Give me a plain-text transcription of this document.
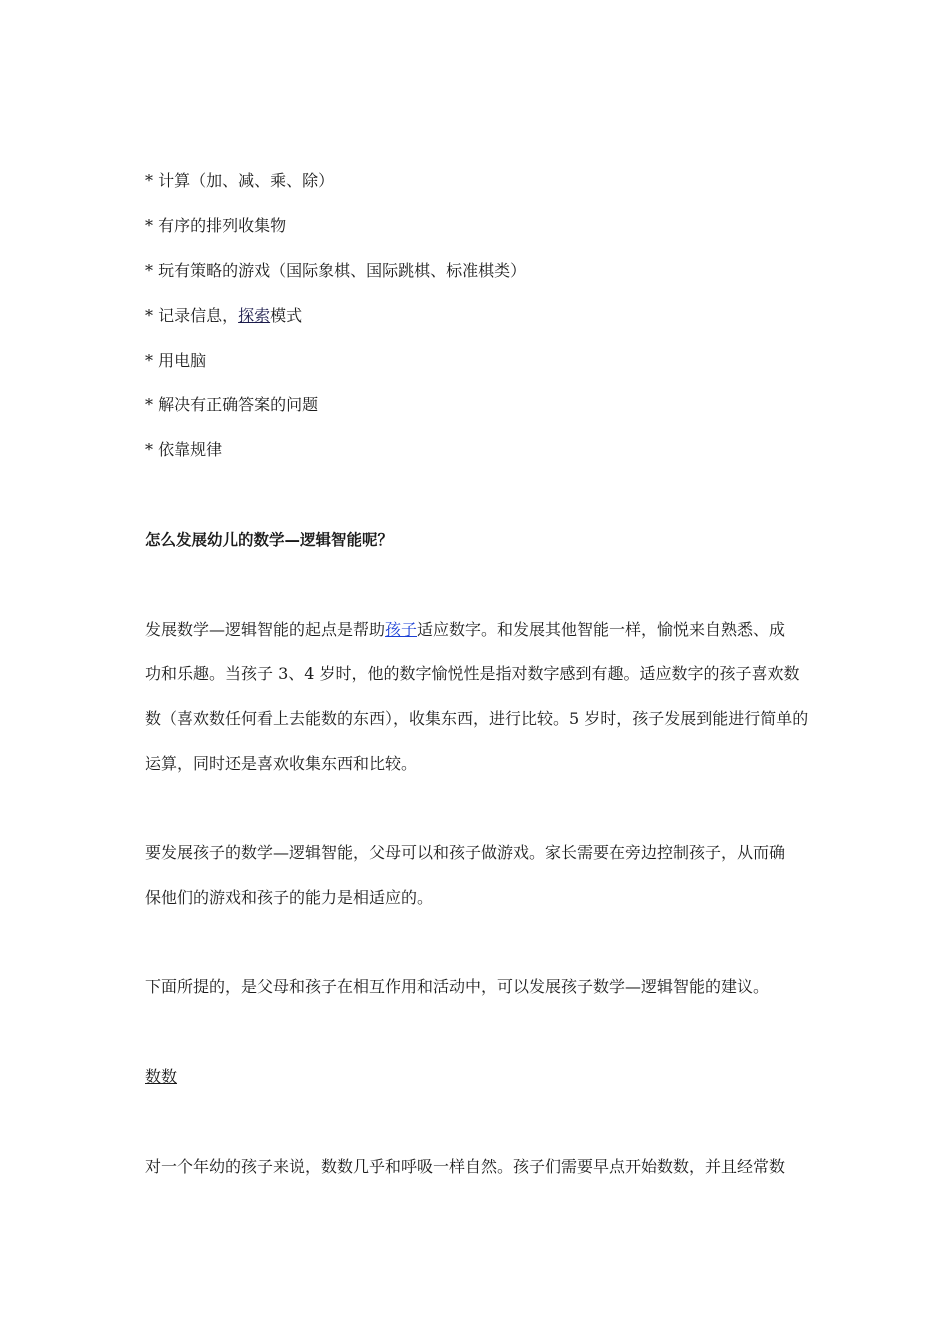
* 计算（加、减、乘、除）
* 有序的排列收集物
* 玩有策略的游戏（国际象棋、国际跳棋、标准棋类）
* 记录信息，探索模式
* 用电脑
* 解决有正确答案的问题
* 依靠规律
怎么发展幼儿的数学—逻辑智能呢？
发展数学—逻辑智能的起点是帮助孩子适应数字。和发展其他智能一样，愉悦来自熟悉、成
功和乐趣。当孩子 3、4 岁时，他的数字愉悦性是指对数字感到有趣。适应数字的孩子喜欢数
数（喜欢数任何看上去能数的东西），收集东西，进行比较。5 岁时，孩子发展到能进行简单的
运算，同时还是喜欢收集东西和比较。
要发展孩子的数学—逻辑智能，父母可以和孩子做游戏。家长需要在旁边控制孩子，从而确
保他们的游戏和孩子的能力是相适应的。
下面所提的，是父母和孩子在相互作用和活动中，可以发展孩子数学—逻辑智能的建议。
数数
对一个年幼的孩子来说，数数几乎和呼吸一样自然。孩子们需要早点开始数数，并且经常数
